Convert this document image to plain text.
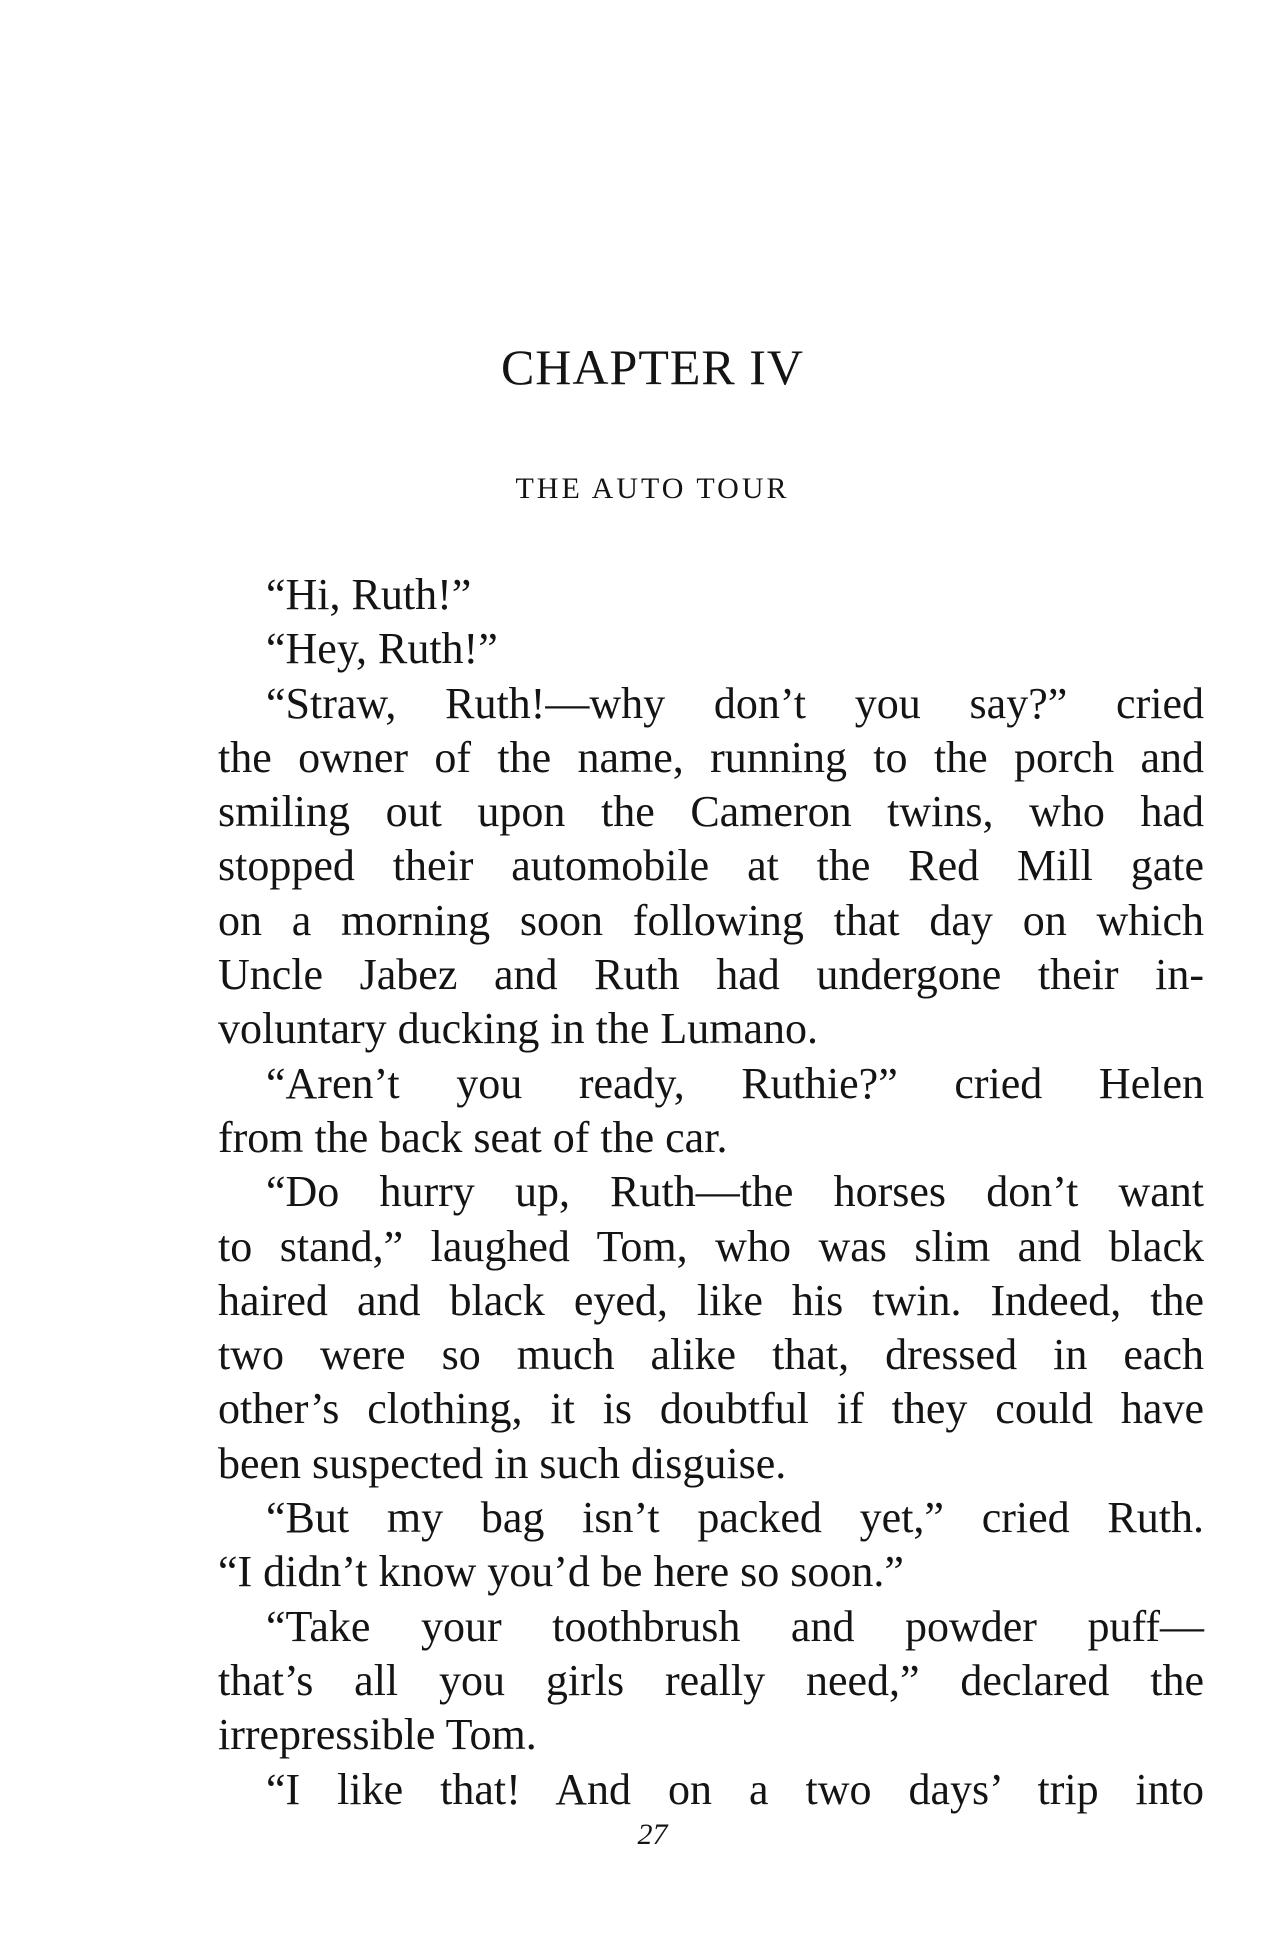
CHAPTER IV
THE AUTO TOUR
“Hi, Ruth!”
“Hey, Ruth!”
“Straw, Ruth!—why don’t you say?” cried
the owner of the name, running to the porch and
smiling out upon the Cameron twins, who had
stopped their automobile at the Red Mill gate
on a morning soon following that day on which
Uncle Jabez and Ruth had undergone their in-
voluntary ducking in the Lumano.
“Aren’t you ready, Ruthie?” cried Helen
from the back seat of the car.
“Do hurry up, Ruth—the horses don’t want
to stand,” laughed Tom, who was slim and black
haired and black eyed, like his twin. Indeed, the
two were so much alike that, dressed in each
other’s clothing, it is doubtful if they could have
been suspected in such disguise.
“But my bag isn’t packed yet,” cried Ruth.
“I didn’t know you’d be here so soon.”
“Take your toothbrush and powder puff—
that’s all you girls really need,” declared the
irrepressible Tom.
“I like that! And on a two days’ trip into
27
